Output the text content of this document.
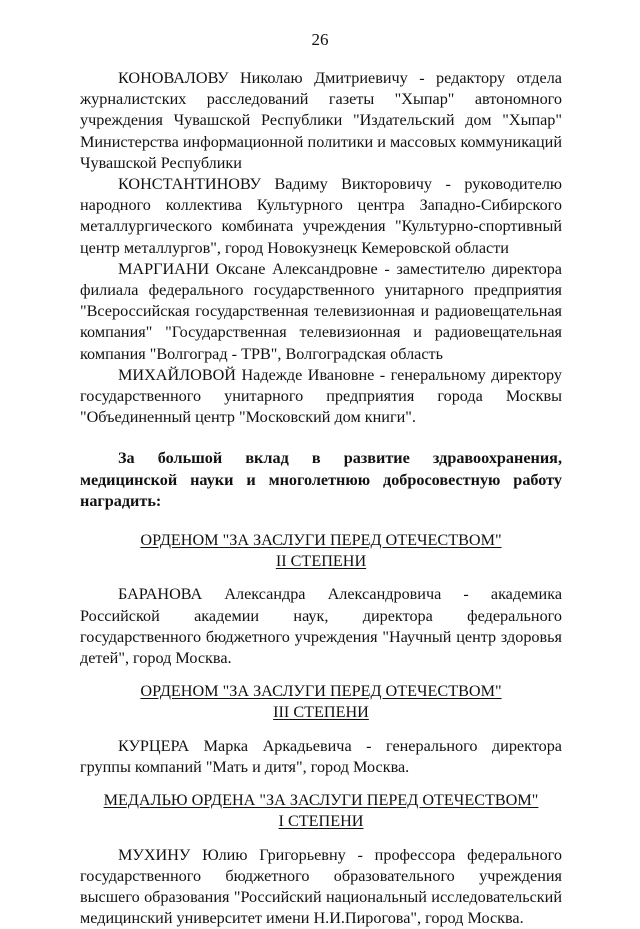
26

КОНОВАЛОВУ Николаю Дмитриевичу - редактору отдела журналистских расследований газеты "Хыпар" автономного учреждения Чувашской Республики "Издательский дом "Хыпар" Министерства информационной политики и массовых коммуникаций Чувашской Республики

КОНСТАНТИНОВУ Вадиму Викторовичу - руководителю народного коллектива Культурного центра Западно-Сибирского металлургического комбината учреждения "Культурно-спортивный центр металлургов", город Новокузнецк Кемеровской области

МАРГИАНИ Оксане Александровне - заместителю директора филиала федерального государственного унитарного предприятия "Всероссийская государственная телевизионная и радиовещательная компания" "Государственная телевизионная и радиовещательная компания "Волгоград - ТРВ", Волгоградская область

МИХАЙЛОВОЙ Надежде Ивановне - генеральному директору государственного унитарного предприятия города Москвы "Объединенный центр "Московский дом книги".

За большой вклад в развитие здравоохранения, медицинской науки и многолетнюю добросовестную работу наградить:

ОРДЕНОМ "ЗА ЗАСЛУГИ ПЕРЕД ОТЕЧЕСТВОМ"

II СТЕПЕНИ

БАРАНОВА Александра Александровича - академика Российской академии наук, директора федерального государственного бюджетного учреждения "Научный центр здоровья детей", город Москва.

ОРДЕНОМ "ЗА ЗАСЛУГИ ПЕРЕД ОТЕЧЕСТВОМ"

III СТЕПЕНИ

КУРЦЕРА Марка Аркадьевича - генерального директора группы компаний "Мать и дитя", город Москва.

МЕДАЛЬЮ ОРДЕНА "ЗА ЗАСЛУГИ ПЕРЕД ОТЕЧЕСТВОМ"

I СТЕПЕНИ

МУХИНУ Юлию Григорьевну - профессора федерального государственного бюджетного образовательного учреждения высшего образования "Российский национальный исследовательский медицинский университет имени Н.И.Пирогова", город Москва.
